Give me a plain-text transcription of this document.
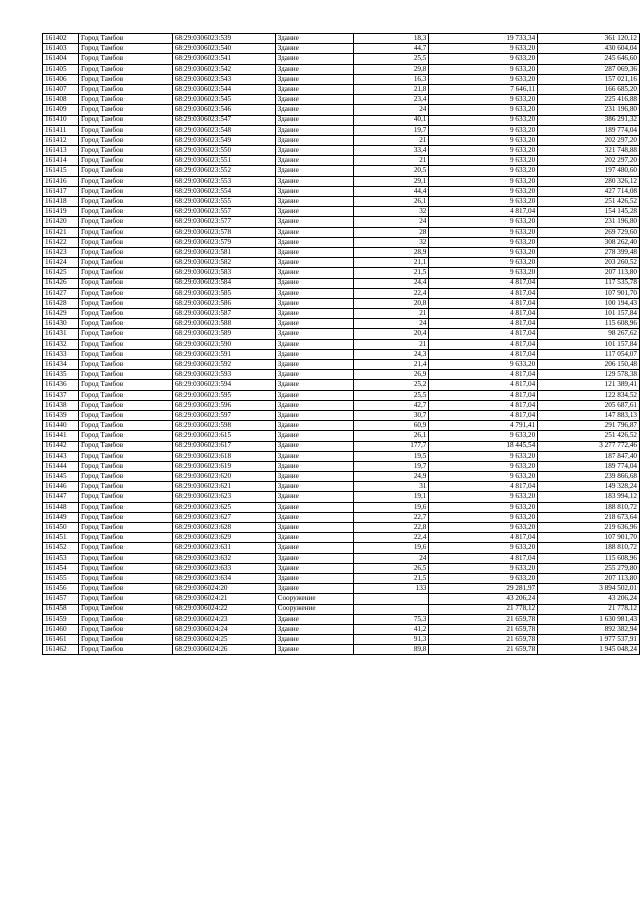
161402	Город Тамбов	68:29:0306023:539	Здание	18,3	19 733,34	361 120,12
161403	Город Тамбов	68:29:0306023:540	Здание	44,7	9 633,20	430 604,04
161404	Город Тамбов	68:29:0306023:541	Здание	25,5	9 633,20	245 646,60
161405	Город Тамбов	68:29:0306023:542	Здание	29,8	9 633,20	287 069,36
161406	Город Тамбов	68:29:0306023:543	Здание	16,3	9 633,20	157 021,16
161407	Город Тамбов	68:29:0306023:544	Здание	21,8	7 646,11	166 685,20
161408	Город Тамбов	68:29:0306023:545	Здание	23,4	9 633,20	225 416,88
161409	Город Тамбов	68:29:0306023:546	Здание	24	9 633,20	231 196,80
161410	Город Тамбов	68:29:0306023:547	Здание	40,1	9 633,20	386 291,32
161411	Город Тамбов	68:29:0306023:548	Здание	19,7	9 633,20	189 774,04
161412	Город Тамбов	68:29:0306023:549	Здание	21	9 633,20	202 297,20
161413	Город Тамбов	68:29:0306023:550	Здание	33,4	9 633,20	321 748,88
161414	Город Тамбов	68:29:0306023:551	Здание	21	9 633,20	202 297,20
161415	Город Тамбов	68:29:0306023:552	Здание	20,5	9 633,20	197 480,60
161416	Город Тамбов	68:29:0306023:553	Здание	29,1	9 633,20	280 326,12
161417	Город Тамбов	68:29:0306023:554	Здание	44,4	9 633,20	427 714,08
161418	Город Тамбов	68:29:0306023:555	Здание	26,1	9 633,20	251 426,52
161419	Город Тамбов	68:29:0306023:557	Здание	32	4 817,04	154 145,28
161420	Город Тамбов	68:29:0306023:577	Здание	24	9 633,20	231 196,80
161421	Город Тамбов	68:29:0306023:578	Здание	28	9 633,20	269 729,60
161422	Город Тамбов	68:29:0306023:579	Здание	32	9 633,20	308 262,40
161423	Город Тамбов	68:29:0306023:581	Здание	28,9	9 633,20	278 399,48
161424	Город Тамбов	68:29:0306023:582	Здание	21,1	9 633,20	203 260,52
161425	Город Тамбов	68:29:0306023:583	Здание	21,5	9 633,20	207 113,80
161426	Город Тамбов	68:29:0306023:584	Здание	24,4	4 817,04	117 535,78
161427	Город Тамбов	68:29:0306023:585	Здание	22,4	4 817,04	107 901,70
161428	Город Тамбов	68:29:0306023:586	Здание	20,8	4 817,04	100 194,43
161429	Город Тамбов	68:29:0306023:587	Здание	21	4 817,04	101 157,84
161430	Город Тамбов	68:29:0306023:588	Здание	24	4 817,04	115 608,96
161431	Город Тамбов	68:29:0306023:589	Здание	20,4	4 817,04	98 267,62
161432	Город Тамбов	68:29:0306023:590	Здание	21	4 817,04	101 157,84
161433	Город Тамбов	68:29:0306023:591	Здание	24,3	4 817,04	117 054,07
161434	Город Тамбов	68:29:0306023:592	Здание	21,4	9 633,20	206 150,48
161435	Город Тамбов	68:29:0306023:593	Здание	26,9	4 817,04	129 578,38
161436	Город Тамбов	68:29:0306023:594	Здание	25,2	4 817,04	121 389,41
161437	Город Тамбов	68:29:0306023:595	Здание	25,5	4 817,04	122 834,52
161438	Город Тамбов	68:29:0306023:596	Здание	42,7	4 817,04	205 687,61
161439	Город Тамбов	68:29:0306023:597	Здание	30,7	4 817,04	147 883,13
161440	Город Тамбов	68:29:0306023:598	Здание	60,9	4 791,41	291 796,87
161441	Город Тамбов	68:29:0306023:615	Здание	26,1	9 633,20	251 426,52
161442	Город Тамбов	68:29:0306023:617	Здание	177,7	18 445,54	3 277 772,46
161443	Город Тамбов	68:29:0306023:618	Здание	19,5	9 633,20	187 847,40
161444	Город Тамбов	68:29:0306023:619	Здание	19,7	9 633,20	189 774,04
161445	Город Тамбов	68:29:0306023:620	Здание	24,9	9 633,20	239 866,68
161446	Город Тамбов	68:29:0306023:621	Здание	31	4 817,04	149 328,24
161447	Город Тамбов	68:29:0306023:623	Здание	19,1	9 633,20	183 994,12
161448	Город Тамбов	68:29:0306023:625	Здание	19,6	9 633,20	188 810,72
161449	Город Тамбов	68:29:0306023:627	Здание	22,7	9 633,20	218 673,64
161450	Город Тамбов	68:29:0306023:628	Здание	22,8	9 633,20	219 636,96
161451	Город Тамбов	68:29:0306023:629	Здание	22,4	4 817,04	107 901,70
161452	Город Тамбов	68:29:0306023:631	Здание	19,6	9 633,20	188 810,72
161453	Город Тамбов	68:29:0306023:632	Здание	24	4 817,04	115 608,96
161454	Город Тамбов	68:29:0306023:633	Здание	26,5	9 633,20	255 279,80
161455	Город Тамбов	68:29:0306023:634	Здание	21,5	9 633,20	207 113,80
161456	Город Тамбов	68:29:0306024:20	Здание	133	29 281,97	3 894 502,01
161457	Город Тамбов	68:29:0306024:21	Сооружение		43 206,24	43 206,24
161458	Город Тамбов	68:29:0306024:22	Сооружение		21 778,12	21 778,12
161459	Город Тамбов	68:29:0306024:23	Здание	75,3	21 659,78	1 630 981,43
161460	Город Тамбов	68:29:0306024:24	Здание	41,2	21 659,78	892 382,94
161461	Город Тамбов	68:29:0306024:25	Здание	91,3	21 659,78	1 977 537,91
161462	Город Тамбов	68:29:0306024:26	Здание	89,8	21 659,78	1 945 048,24
